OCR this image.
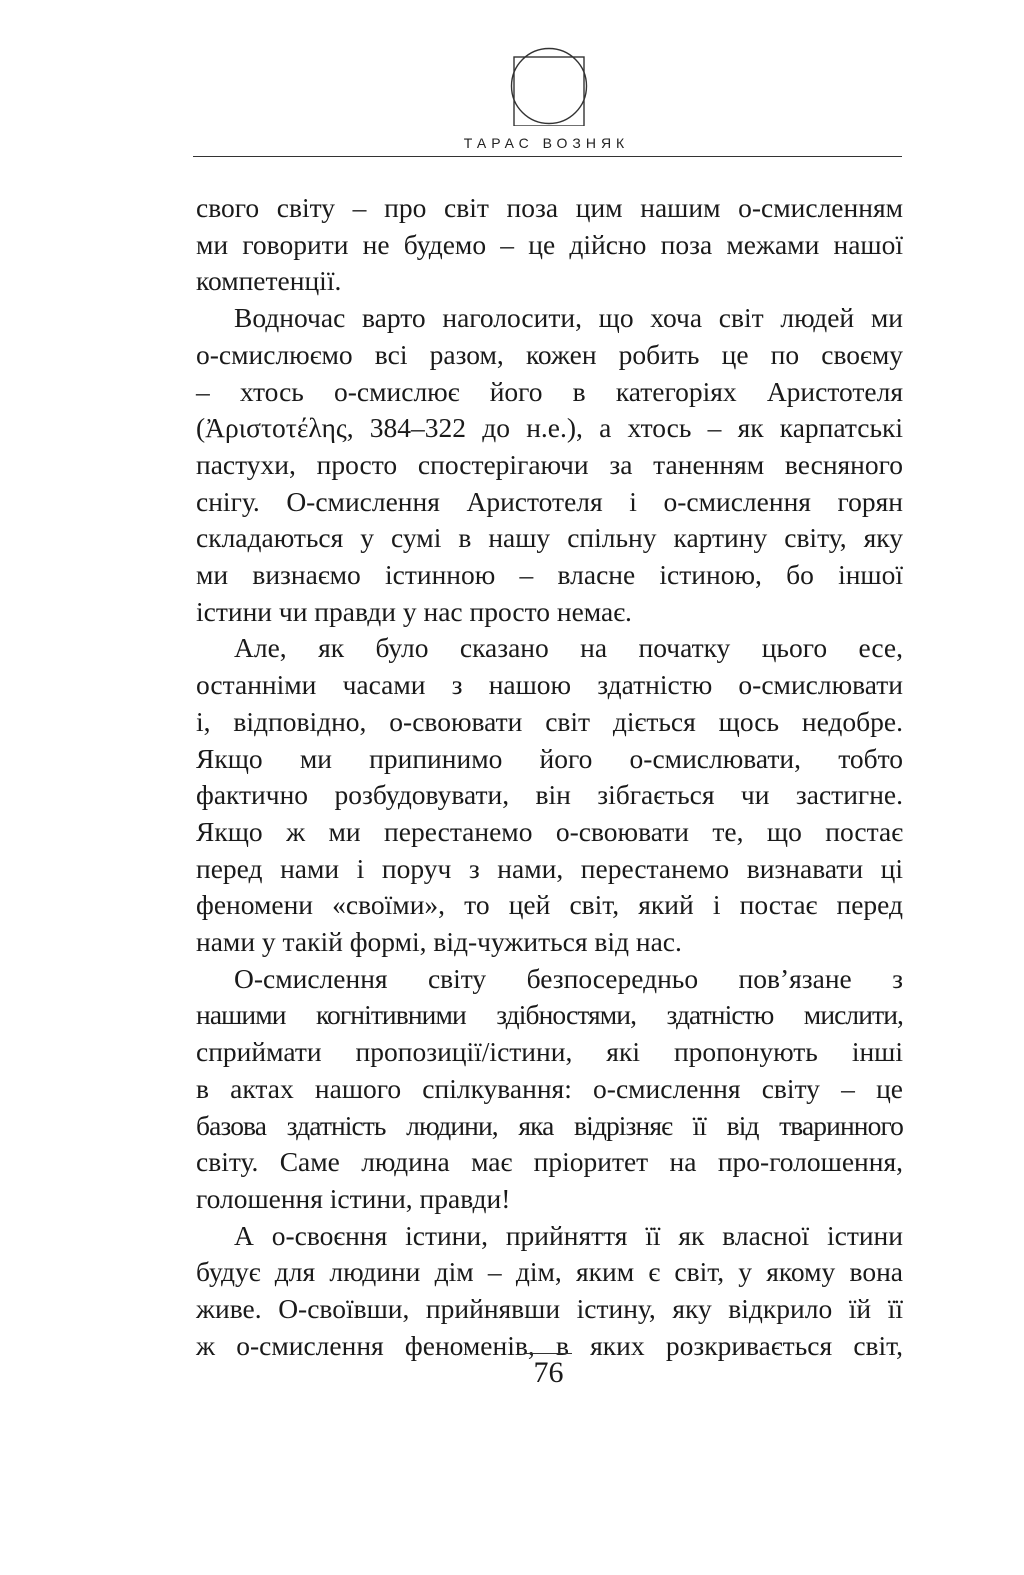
ТАРАС ВОЗНЯК
свого світу – про світ поза цим нашим о-смисленням
ми говорити не будемо – це дійсно поза межами нашої
компетенції.
Водночас варто наголосити, що хоча світ людей ми
о-смислюємо всі разом, кожен робить це по своєму
– хтось о-смислює його в категоріях Аристотеля
(Ἀριστοτέλης, 384–322 до н.е.), а хтось – як карпатські
пастухи, просто спостерігаючи за таненням весняного
снігу. О-смислення Аристотеля і о-смислення горян
складаються у сумі в нашу спільну картину світу, яку
ми визнаємо істинною – власне істиною, бо іншої
істини чи правди у нас просто немає.
Але, як було сказано на початку цього есе,
останніми часами з нашою здатністю о-смислювати
і, відповідно, о-своювати світ діється щось недобре.
Якщо ми припинимо його о-смислювати, тобто
фактично розбудовувати, він зібгається чи застигне.
Якщо ж ми перестанемо о-своювати те, що постає
перед нами і поруч з нами, перестанемо визнавати ці
феномени «своїми», то цей світ, який і постає перед
нами у такій формі, від-чужиться від нас.
О-смислення світу безпосередньо пов’язане з
нашими когнітивними здібностями, здатністю мислити,
сприймати пропозиції/істини, які пропонують інші
в актах нашого спілкування: о-смислення світу – це
базова здатність людини, яка відрізняє її від тваринного
світу. Саме людина має пріоритет на про-голошення,
голошення істини, правди!
А о-своєння істини, прийняття її як власної істини
будує для людини дім – дім, яким є світ, у якому вона
живе. О-своївши, прийнявши істину, яку відкрило їй її
ж о-смислення феноменів, в яких розкривається світ,
76
